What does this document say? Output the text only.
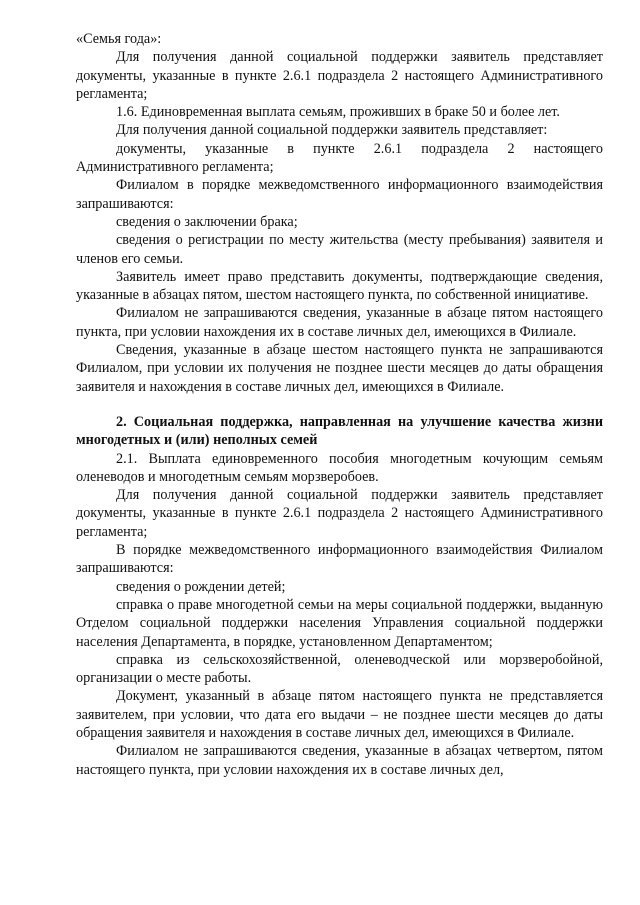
«Семья года»:

Для получения данной социальной поддержки заявитель представляет документы, указанные в пункте 2.6.1 подраздела 2 настоящего Административного регламента;

1.6. Единовременная выплата семьям, проживших в браке 50 и более лет.

Для получения данной социальной поддержки заявитель представляет:

документы, указанные в пункте 2.6.1 подраздела 2 настоящего Административного регламента;

Филиалом в порядке межведомственного информационного взаимодействия запрашиваются:

сведения о заключении брака;

сведения о регистрации по месту жительства (месту пребывания) заявителя и членов его семьи.

Заявитель имеет право представить документы, подтверждающие сведения, указанные в абзацах пятом, шестом настоящего пункта, по собственной инициативе.

Филиалом не запрашиваются сведения, указанные в абзаце пятом настоящего пункта, при условии нахождения их в составе личных дел, имеющихся в Филиале.

Сведения, указанные в абзаце шестом настоящего пункта не запрашиваются Филиалом, при условии их получения не позднее шести месяцев до даты обращения заявителя и нахождения в составе личных дел, имеющихся в Филиале.

2. Социальная поддержка, направленная на улучшение качества жизни многодетных и (или) неполных семей

2.1. Выплата единовременного пособия многодетным кочующим семьям оленеводов и многодетным семьям морзверобоев.

Для получения данной социальной поддержки заявитель представляет документы, указанные в пункте 2.6.1 подраздела 2 настоящего Административного регламента;

В порядке межведомственного информационного взаимодействия Филиалом запрашиваются:

сведения о рождении детей;

справка о праве многодетной семьи на меры социальной поддержки, выданную Отделом социальной поддержки населения Управления социальной поддержки населения Департамента, в порядке, установленном Департаментом;

справка из сельскохозяйственной, оленеводческой или морзверобойной, организации о месте работы.

Документ, указанный в абзаце пятом настоящего пункта не представляется заявителем, при условии, что дата его выдачи – не позднее шести месяцев до даты обращения заявителя и нахождения в составе личных дел, имеющихся в Филиале.

Филиалом не запрашиваются сведения, указанные в абзацах четвертом, пятом настоящего пункта, при условии нахождения их в составе личных дел,
